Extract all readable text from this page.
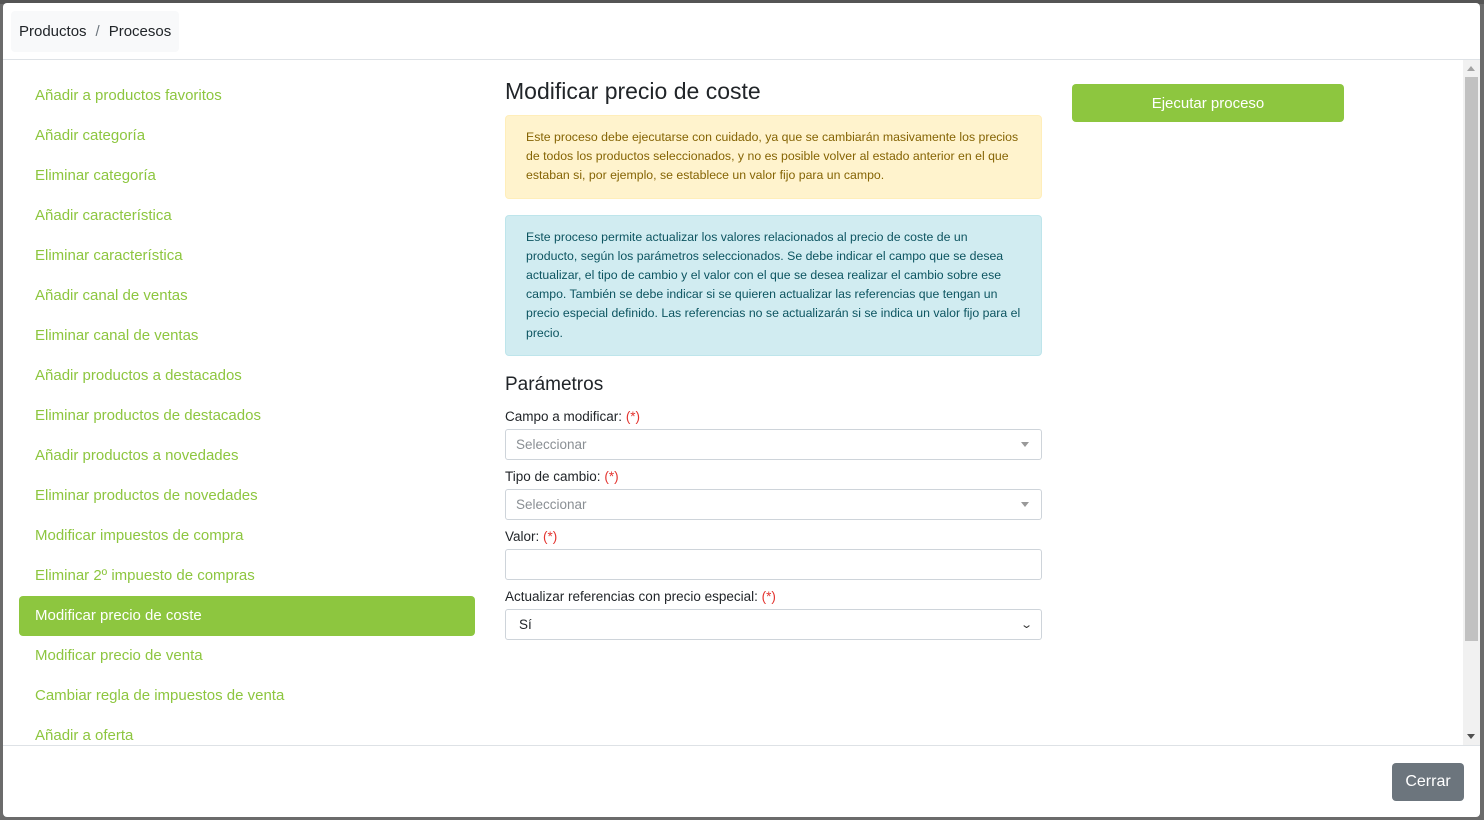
Productos / Procesos
Añadir a productos favoritos
Añadir categoría
Eliminar categoría
Añadir característica
Eliminar característica
Añadir canal de ventas
Eliminar canal de ventas
Añadir productos a destacados
Eliminar productos de destacados
Añadir productos a novedades
Eliminar productos de novedades
Modificar impuestos de compra
Eliminar 2º impuesto de compras
Modificar precio de coste
Modificar precio de venta
Cambiar regla de impuestos de venta
Añadir a oferta
Modificar precio de coste
Este proceso debe ejecutarse con cuidado, ya que se cambiarán masivamente los precios de todos los productos seleccionados, y no es posible volver al estado anterior en el que estaban si, por ejemplo, se establece un valor fijo para un campo.
Este proceso permite actualizar los valores relacionados al precio de coste de un producto, según los parámetros seleccionados. Se debe indicar el campo que se desea actualizar, el tipo de cambio y el valor con el que se desea realizar el cambio sobre ese campo. También se debe indicar si se quieren actualizar las referencias que tengan un precio especial definido. Las referencias no se actualizarán si se indica un valor fijo para el precio.
Parámetros
Campo a modificar: (*)
Seleccionar
Tipo de cambio: (*)
Seleccionar
Valor: (*)
Actualizar referencias con precio especial: (*)
Sí	⌄
Ejecutar proceso
Cerrar
